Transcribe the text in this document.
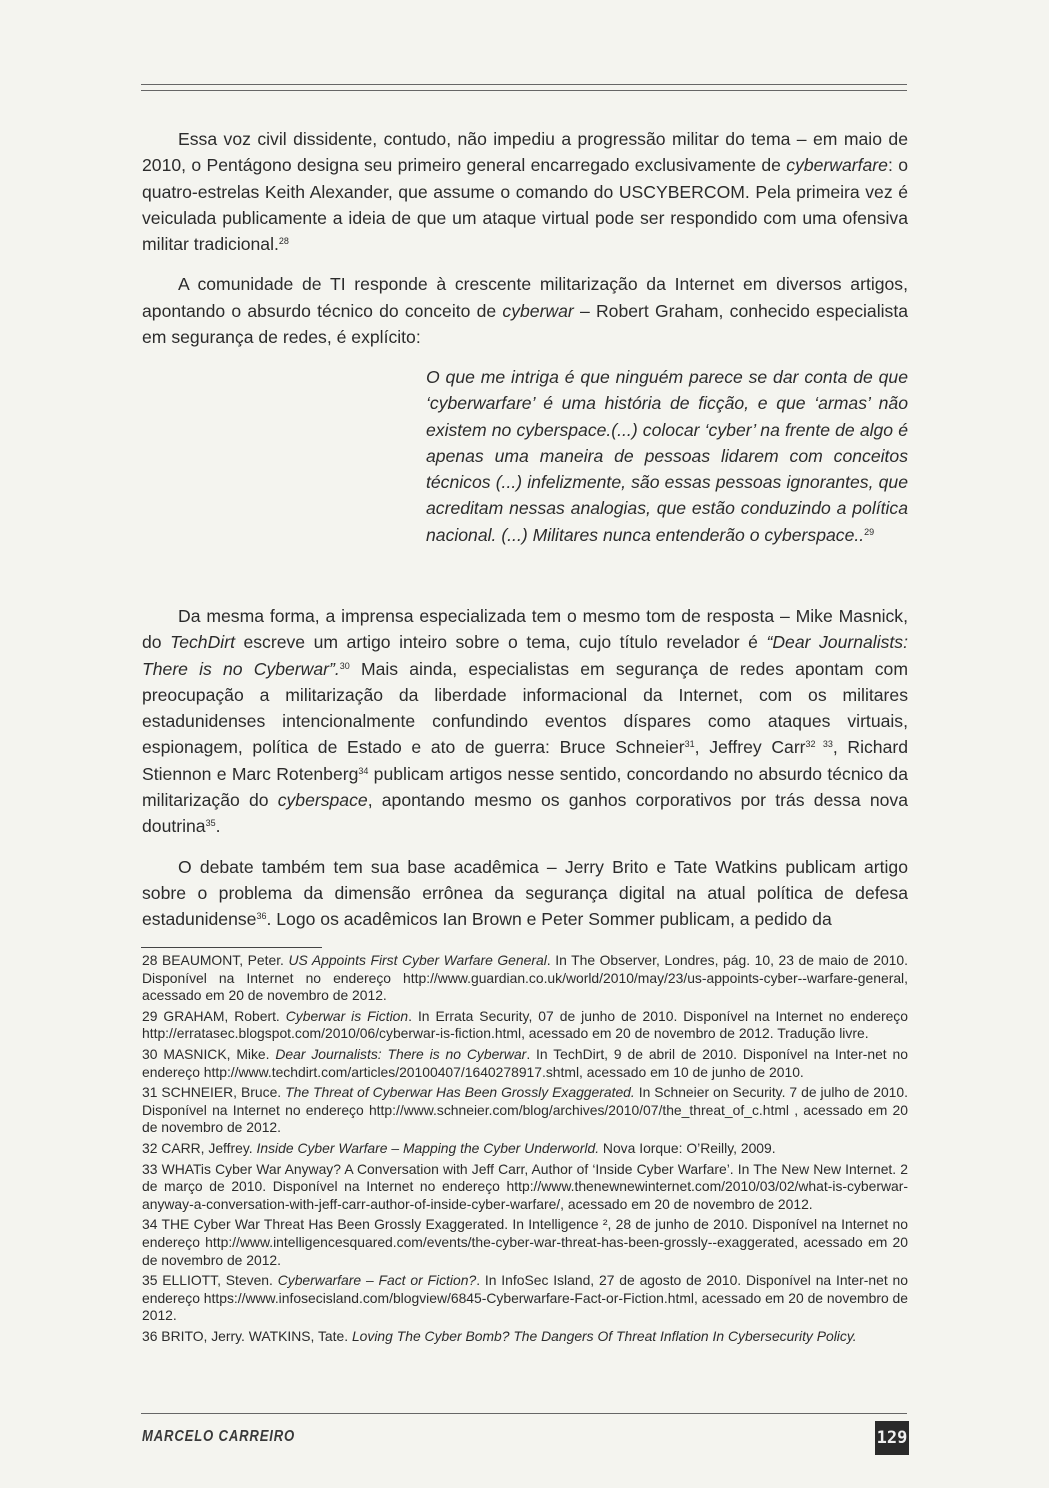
Essa voz civil dissidente, contudo, não impediu a progressão militar do tema – em maio de 2010, o Pentágono designa seu primeiro general encarregado exclusivamente de cyberwarfare: o quatro-estrelas Keith Alexander, que assume o comando do USCYBERCOM. Pela primeira vez é veiculada publicamente a ideia de que um ataque virtual pode ser respondido com uma ofensiva militar tradicional.$^{28}$

A comunidade de TI responde à crescente militarização da Internet em diversos artigos, apontando o absurdo técnico do conceito de cyberwar – Robert Graham, conhecido especialista em segurança de redes, é explícito:

O que me intriga é que ninguém parece se dar conta de que ‘cyberwarfare’ é uma história de ficção, e que ‘armas’ não existem no cyberspace.(...) colocar ‘cyber’ na frente de algo é apenas uma maneira de pessoas lidarem com conceitos técnicos (...) infelizmente, são essas pessoas ignorantes, que acreditam nessas analogias, que estão conduzindo a política nacional. (...) Militares nunca entenderão o cyberspace..$^{29}$

Da mesma forma, a imprensa especializada tem o mesmo tom de resposta – Mike Masnick, do TechDirt escreve um artigo inteiro sobre o tema, cujo título revelador é “Dear Journalists: There is no Cyberwar”.$^{30}$ Mais ainda, especialistas em segurança de redes apontam com preocupação a militarização da liberdade informacional da Internet, com os militares estadunidenses intencionalmente confundindo eventos díspares como ataques virtuais, espionagem, política de Estado e ato de guerra: Bruce Schneier$^{31}$, Jeffrey Carr$^{32 33}$, Richard Stiennon e Marc Rotenberg$^{34}$ publicam artigos nesse sentido, concordando no absurdo técnico da militarização do cyberspace, apontando mesmo os ganhos corporativos por trás dessa nova doutrina$^{35}$.

O debate também tem sua base acadêmica – Jerry Brito e Tate Watkins publicam artigo sobre o problema da dimensão errônea da segurança digital na atual política de defesa estadunidense$^{36}$. Logo os acadêmicos Ian Brown e Peter Sommer publicam, a pedido da

28 BEAUMONT, Peter. US Appoints First Cyber Warfare General. In The Observer, Londres, pág. 10, 23 de maio de 2010. Disponível na Internet no endereço http://www.guardian.co.uk/world/2010/may/23/us-appoints-cyber--warfare-general, acessado em 20 de novembro de 2012.

29 GRAHAM, Robert. Cyberwar is Fiction. In Errata Security, 07 de junho de 2010. Disponível na Internet no endereço http://erratasec.blogspot.com/2010/06/cyberwar-is-fiction.html, acessado em 20 de novembro de 2012. Tradução livre.

30 MASNICK, Mike. Dear Journalists: There is no Cyberwar. In TechDirt, 9 de abril de 2010. Disponível na Inter-net no endereço http://www.techdirt.com/articles/20100407/1640278917.shtml, acessado em 10 de junho de 2010.

31 SCHNEIER, Bruce. The Threat of Cyberwar Has Been Grossly Exaggerated. In Schneier on Security. 7 de julho de 2010. Disponível na Internet no endereço http://www.schneier.com/blog/archives/2010/07/the_threat_of_c.html , acessado em 20 de novembro de 2012.

32 CARR, Jeffrey. Inside Cyber Warfare – Mapping the Cyber Underworld. Nova Iorque: O’Reilly, 2009.

33 WHATis Cyber War Anyway? A Conversation with Jeff Carr, Author of ‘Inside Cyber Warfare’. In The New New Internet. 2 de março de 2010. Disponível na Internet no endereço http://www.thenewnewinternet.com/2010/03/02/what-is-cyberwar-anyway-a-conversation-with-jeff-carr-author-of-inside-cyber-warfare/, acessado em 20 de novembro de 2012.

34 THE Cyber War Threat Has Been Grossly Exaggerated. In Intelligence ², 28 de junho de 2010. Disponível na Internet no endereço http://www.intelligencesquared.com/events/the-cyber-war-threat-has-been-grossly--exaggerated, acessado em 20 de novembro de 2012.

35 ELLIOTT, Steven. Cyberwarfare – Fact or Fiction?. In InfoSec Island, 27 de agosto de 2010. Disponível na Inter-net no endereço https://www.infosecisland.com/blogview/6845-Cyberwarfare-Fact-or-Fiction.html, acessado em 20 de novembro de 2012.

36 BRITO, Jerry. WATKINS, Tate. Loving The Cyber Bomb? The Dangers Of Threat Inflation In Cybersecurity Policy.

MARCELO CARREIRO	129
